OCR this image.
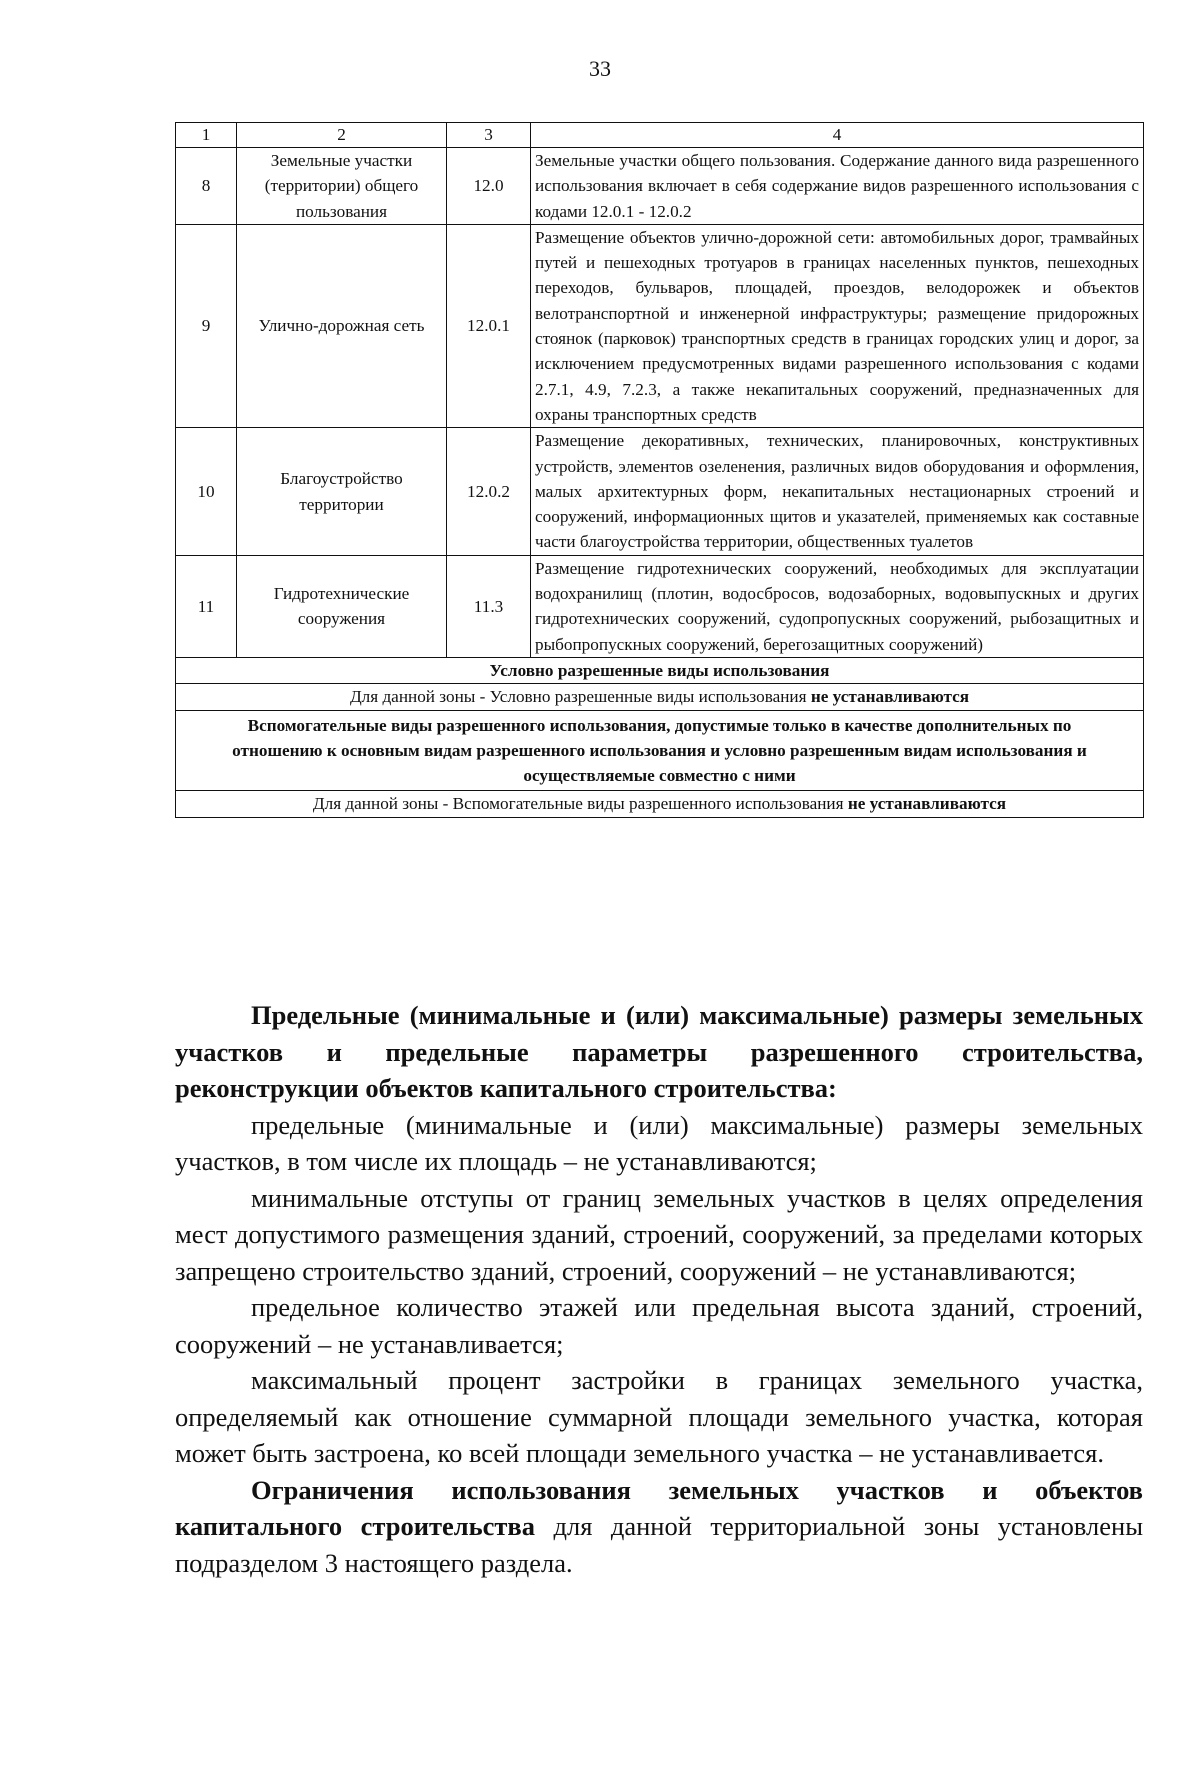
33
1	2	3	4
8	Земельные участки (территории) общего пользования	12.0	Земельные участки общего пользования. Содержание данного вида разрешенного использования включает в себя содержание видов разрешенного использования с кодами 12.0.1 - 12.0.2
9	Улично-дорожная сеть	12.0.1	Размещение объектов улично-дорожной сети: автомобильных дорог, трамвайных путей и пешеходных тротуаров в границах населенных пунктов, пешеходных переходов, бульваров, площадей, проездов, велодорожек и объектов велотранспортной и инженерной инфраструктуры; размещение придорожных стоянок (парковок) транспортных средств в границах городских улиц и дорог, за исключением предусмотренных видами разрешенного использования с кодами 2.7.1, 4.9, 7.2.3, а также некапитальных сооружений, предназначенных для охраны транспортных средств
10	Благоустройство территории	12.0.2	Размещение декоративных, технических, планировочных, конструктивных устройств, элементов озеленения, различных видов оборудования и оформления, малых архитектурных форм, некапитальных нестационарных строений и сооружений, информационных щитов и указателей, применяемых как составные части благоустройства территории, общественных туалетов
11	Гидротехнические сооружения	11.3	Размещение гидротехнических сооружений, необходимых для эксплуатации водохранилищ (плотин, водосбросов, водозаборных, водовыпускных и других гидротехнических сооружений, судопропускных сооружений, рыбозащитных и рыбопропускных сооружений, берегозащитных сооружений)
Условно разрешенные виды использования			
Для данной зоны - Условно разрешенные виды использования не устанавливаются			
Вспомогательные виды разрешенного использования, допустимые только в качестве дополнительных по отношению к основным видам разрешенного использования и условно разрешенным видам использования и осуществляемые совместно с ними			
Для данной зоны - Вспомогательные виды разрешенного использования не устанавливаются			

Предельные (минимальные и (или) максимальные) размеры земельных участков и предельные параметры разрешенного строительства, реконструкции объектов капитального строительства:

предельные (минимальные и (или) максимальные) размеры земельных участков, в том числе их площадь – не устанавливаются;

минимальные отступы от границ земельных участков в целях определения мест допустимого размещения зданий, строений, сооружений, за пределами которых запрещено строительство зданий, строений, сооружений – не устанавливаются;

предельное количество этажей или предельная высота зданий, строений, сооружений – не устанавливается;

максимальный процент застройки в границах земельного участка, определяемый как отношение суммарной площади земельного участка, которая может быть застроена, ко всей площади земельного участка – не устанавливается.

Ограничения использования земельных участков и объектов капитального строительства для данной территориальной зоны установлены подразделом 3 настоящего раздела.
